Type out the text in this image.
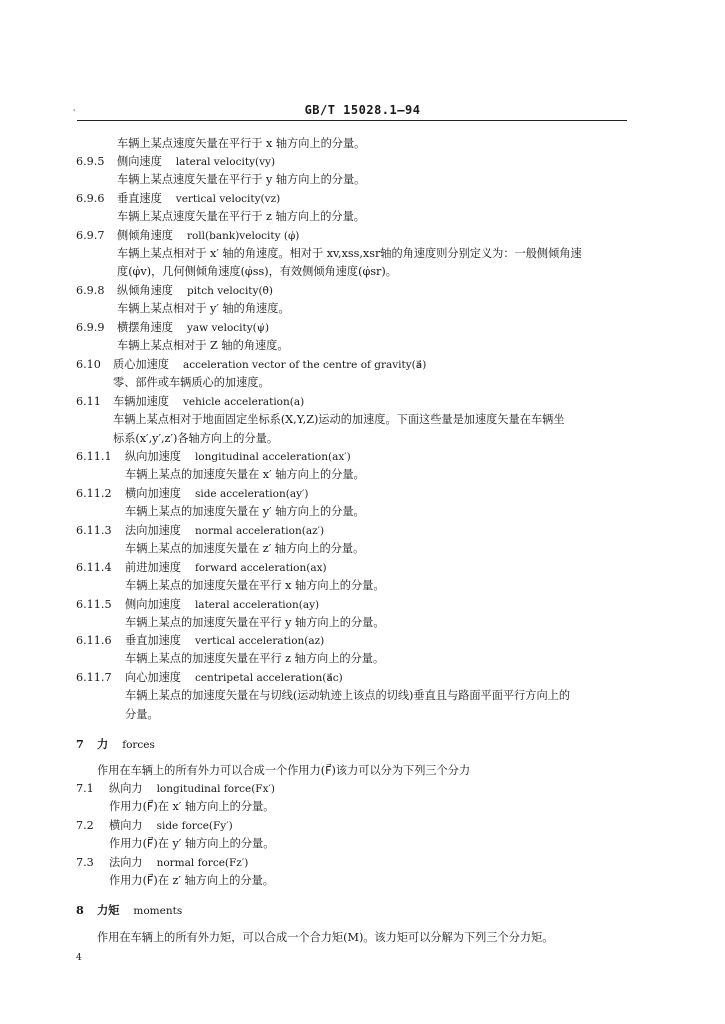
'	GB/T 15028.1—94
车辆上某点速度矢量在平行于 x 轴方向上的分量。
6.9.5 侧向速度 lateral velocity(vy)
车辆上某点速度矢量在平行于 y 轴方向上的分量。
6.9.6 垂直速度 vertical velocity(vz)
车辆上某点速度矢量在平行于 z 轴方向上的分量。
6.9.7 侧倾角速度 roll(bank)velocity (φ̇)
车辆上某点相对于 x′ 轴的角速度。相对于 xv,xss,xsr轴的角速度则分别定义为：一般侧倾角速
度(φ̇v)，几何侧倾角速度(φ̇ss)，有效侧倾角速度(φ̇sr)。
6.9.8 纵倾角速度 pitch velocity(θ̇)
车辆上某点相对于 y′ 轴的角速度。
6.9.9 横摆角速度 yaw velocity(ψ̇)
车辆上某点相对于 Z 轴的角速度。
6.10 质心加速度 acceleration vector of the centre of gravity(a⃗)
零、部件或车辆质心的加速度。
6.11 车辆加速度 vehicle acceleration(a)
车辆上某点相对于地面固定坐标系(X,Y,Z)运动的加速度。下面这些量是加速度矢量在车辆坐
标系(x′,y′,z′)各轴方向上的分量。
6.11.1 纵向加速度 longitudinal acceleration(ax′)
车辆上某点的加速度矢量在 x′ 轴方向上的分量。
6.11.2 横向加速度 side acceleration(ay′)
车辆上某点的加速度矢量在 y′ 轴方向上的分量。
6.11.3 法向加速度 normal acceleration(az′)
车辆上某点的加速度矢量在 z′ 轴方向上的分量。
6.11.4 前进加速度 forward acceleration(ax)
车辆上某点的加速度矢量在平行 x 轴方向上的分量。
6.11.5 侧向加速度 lateral acceleration(ay)
车辆上某点的加速度矢量在平行 y 轴方向上的分量。
6.11.6 垂直加速度 vertical acceleration(az)
车辆上某点的加速度矢量在平行 z 轴方向上的分量。
6.11.7 向心加速度 centripetal acceleration(a⃗c)
车辆上某点的加速度矢量在与切线(运动轨迹上该点的切线)垂直且与路面平面平行方向上的
分量。
7 力 forces
作用在车辆上的所有外力可以合成一个作用力(F⃗)该力可以分为下列三个分力
7.1 纵向力 longitudinal force(Fx′)
作用力(F⃗)在 x′ 轴方向上的分量。
7.2 横向力 side force(Fy′)
作用力(F⃗)在 y′ 轴方向上的分量。
7.3 法向力 normal force(Fz′)
作用力(F⃗)在 z′ 轴方向上的分量。
8 力矩 moments
作用在车辆上的所有外力矩，可以合成一个合力矩(M)。该力矩可以分解为下列三个分力矩。
4
